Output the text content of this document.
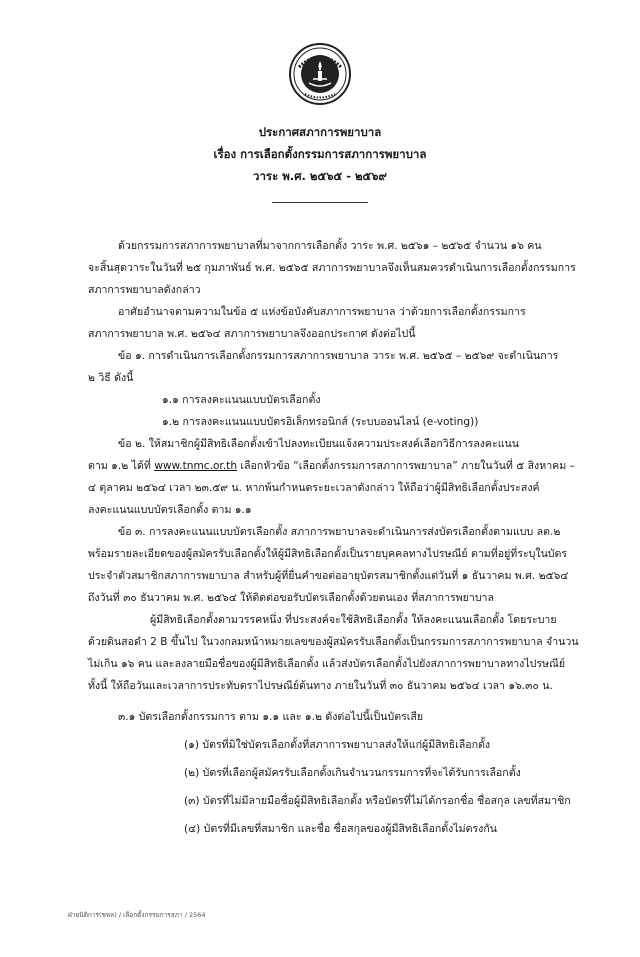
ประกาศสภาการพยาบาล
เรื่อง การเลือกตั้งกรรมการสภาการพยาบาล
วาระ พ.ศ. ๒๕๖๕ - ๒๕๖๙
ด้วยกรรมการสภาการพยาบาลที่มาจากการเลือกตั้ง วาระ พ.ศ. ๒๕๖๑ – ๒๕๖๕ จำนวน ๑๖ คน
จะสิ้นสุดวาระในวันที่ ๒๕ กุมภาพันธ์ พ.ศ. ๒๕๖๕ สภาการพยาบาลจึงเห็นสมควรดำเนินการเลือกตั้งกรรมการ
สภาการพยาบาลดังกล่าว
อาศัยอำนาจตามความในข้อ ๕ แห่งข้อบังคับสภาการพยาบาล ว่าด้วยการเลือกตั้งกรรมการ
สภาการพยาบาล พ.ศ. ๒๕๖๔ สภาการพยาบาลจึงออกประกาศ ดังต่อไปนี้
ข้อ ๑. การดำเนินการเลือกตั้งกรรมการสภาการพยาบาล วาระ พ.ศ. ๒๕๖๕ – ๒๕๖๙ จะดำเนินการ
๒ วิธี ดังนี้
๑.๑ การลงคะแนนแบบบัตรเลือกตั้ง
๑.๒ การลงคะแนนแบบบัตรอิเล็กทรอนิกส์ (ระบบออนไลน์ (e-voting))
ข้อ ๒. ให้สมาชิกผู้มีสิทธิเลือกตั้งเข้าไปลงทะเบียนแจ้งความประสงค์เลือกวิธีการลงคะแนน
ตาม ๑.๒ ได้ที่ www.tnmc.or.th เลือกหัวข้อ “เลือกตั้งกรรมการสภาการพยาบาล” ภายในวันที่ ๕ สิงหาคม –
๔ ตุลาคม ๒๕๖๔ เวลา ๒๓.๕๙ น. หากพ้นกำหนดระยะเวลาดังกล่าว ให้ถือว่าผู้มีสิทธิเลือกตั้งประสงค์
ลงคะแนนแบบบัตรเลือกตั้ง ตาม ๑.๑
ข้อ ๓. การลงคะแนนแบบบัตรเลือกตั้ง สภาการพยาบาลจะดำเนินการส่งบัตรเลือกตั้งตามแบบ ลต.๒
พร้อมรายละเอียดของผู้สมัครรับเลือกตั้งให้ผู้มีสิทธิเลือกตั้งเป็นรายบุคคลทางไปรษณีย์ ตามที่อยู่ที่ระบุในบัตร
ประจำตัวสมาชิกสภาการพยาบาล สำหรับผู้ที่ยื่นคำขอต่ออายุบัตรสมาชิกตั้งแต่วันที่ ๑ ธันวาคม พ.ศ. ๒๕๖๔
ถึงวันที่ ๓๐ ธันวาคม พ.ศ. ๒๕๖๔ ให้ติดต่อขอรับบัตรเลือกตั้งด้วยตนเอง ที่สภาการพยาบาล
ผู้มีสิทธิเลือกตั้งตามวรรคหนึ่ง ที่ประสงค์จะใช้สิทธิเลือกตั้ง ให้ลงคะแนนเลือกตั้ง โดยระบาย
ด้วยดินสอดำ 2 B ขึ้นไป ในวงกลมหน้าหมายเลขของผู้สมัครรับเลือกตั้งเป็นกรรมการสภาการพยาบาล จำนวน
ไม่เกิน ๑๖ คน และลงลายมือชื่อของผู้มีสิทธิเลือกตั้ง แล้วส่งบัตรเลือกตั้งไปยังสภาการพยาบาลทางไปรษณีย์
ทั้งนี้ ให้ถือวันและเวลาการประทับตราไปรษณีย์ต้นทาง ภายในวันที่ ๓๐ ธันวาคม ๒๕๖๔ เวลา ๑๖.๓๐ น.
๓.๑ บัตรเลือกตั้งกรรมการ ตาม ๑.๑ และ ๑.๒ ดังต่อไปนี้เป็นบัตรเสีย
(๑) บัตรที่มิใช่บัตรเลือกตั้งที่สภาการพยาบาลส่งให้แก่ผู้มีสิทธิเลือกตั้ง
(๒) บัตรที่เลือกผู้สมัครรับเลือกตั้งเกินจำนวนกรรมการที่จะได้รับการเลือกตั้ง
(๓) บัตรที่ไม่มีลายมือชื่อผู้มีสิทธิเลือกตั้ง หรือบัตรที่ไม่ได้กรอกชื่อ ชื่อสกุล เลขที่สมาชิก
(๔) บัตรที่มีเลขที่สมาชิก และชื่อ ชื่อสกุลของผู้มีสิทธิเลือกตั้งไม่ตรงกัน
ฝ่ายนิติการ(ชพล) / เลือกตั้งกรรมการสภา / 2564
